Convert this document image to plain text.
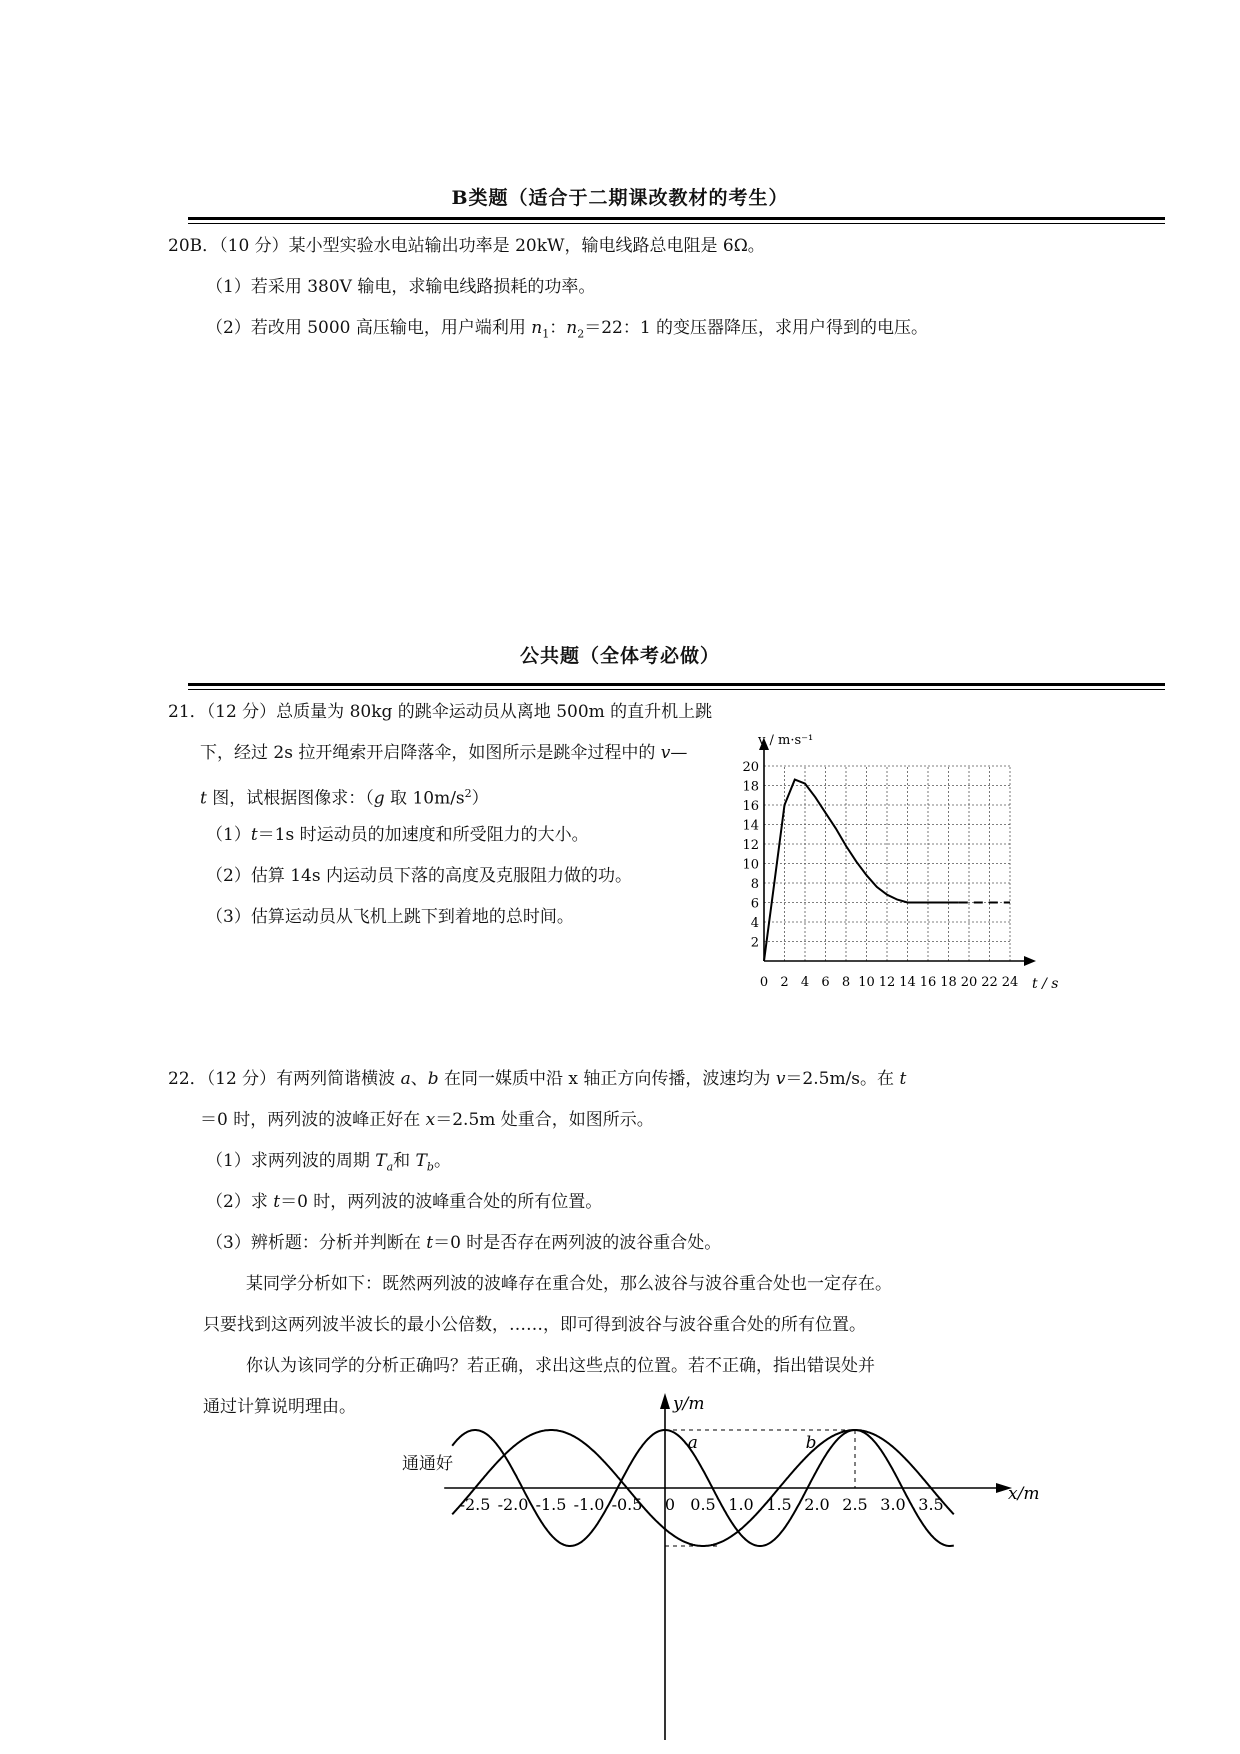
B类题（适合于二期课改教材的考生）
20B．（10 分）某小型实验水电站输出功率是 20kW，输电线路总电阻是 6Ω。
（1）若采用 380V 输电，求输电线路损耗的功率。
（2）若改用 5000 高压输电，用户端利用 $n_1$：$n_2=22$：1 的变压器降压，求用户得到的电压。
公共题（全体考必做）
21．（12 分）总质量为 80kg 的跳伞运动员从离地 500m 的直升机上跳
下，经过 2s 拉开绳索开启降落伞，如图所示是跳伞过程中的 v—
t 图，试根据图像求：（g 取 $10m/s^2$）
（1）t＝1s 时运动员的加速度和所受阻力的大小。
（2）估算 14s 内运动员下落的高度及克服阻力做的功。
（3）估算运动员从飞机上跳下到着地的总时间。
0 2 4 6 8 10 12 14 16 18 20 22 24
2
4
6
8
10
12
14
16
18
20
v / m·s⁻¹
t / s
22．（12 分）有两列简谐横波 a、b 在同一媒质中沿 x 轴正方向传播，波速均为 v＝2.5m/s。在 t
＝0 时，两列波的波峰正好在 x＝2.5m 处重合，如图所示。
（1）求两列波的周期 $T_a$和 $T_b$。
（2）求 t＝0 时，两列波的波峰重合处的所有位置。
（3）辨析题：分析并判断在 t＝0 时是否存在两列波的波谷重合处。
某同学分析如下：既然两列波的波峰存在重合处，那么波谷与波谷重合处也一定存在。
只要找到这两列波半波长的最小公倍数，……，即可得到波谷与波谷重合处的所有位置。
你认为该同学的分析正确吗？若正确，求出这些点的位置。若不正确，指出错误处并
通过计算说明理由。
通通好
-2.5 -2.0 -1.5 -1.0 -0.5 0 0.5 1.0 1.5 2.0 2.5 3.0 3.5
a	b
y/m
x/m
